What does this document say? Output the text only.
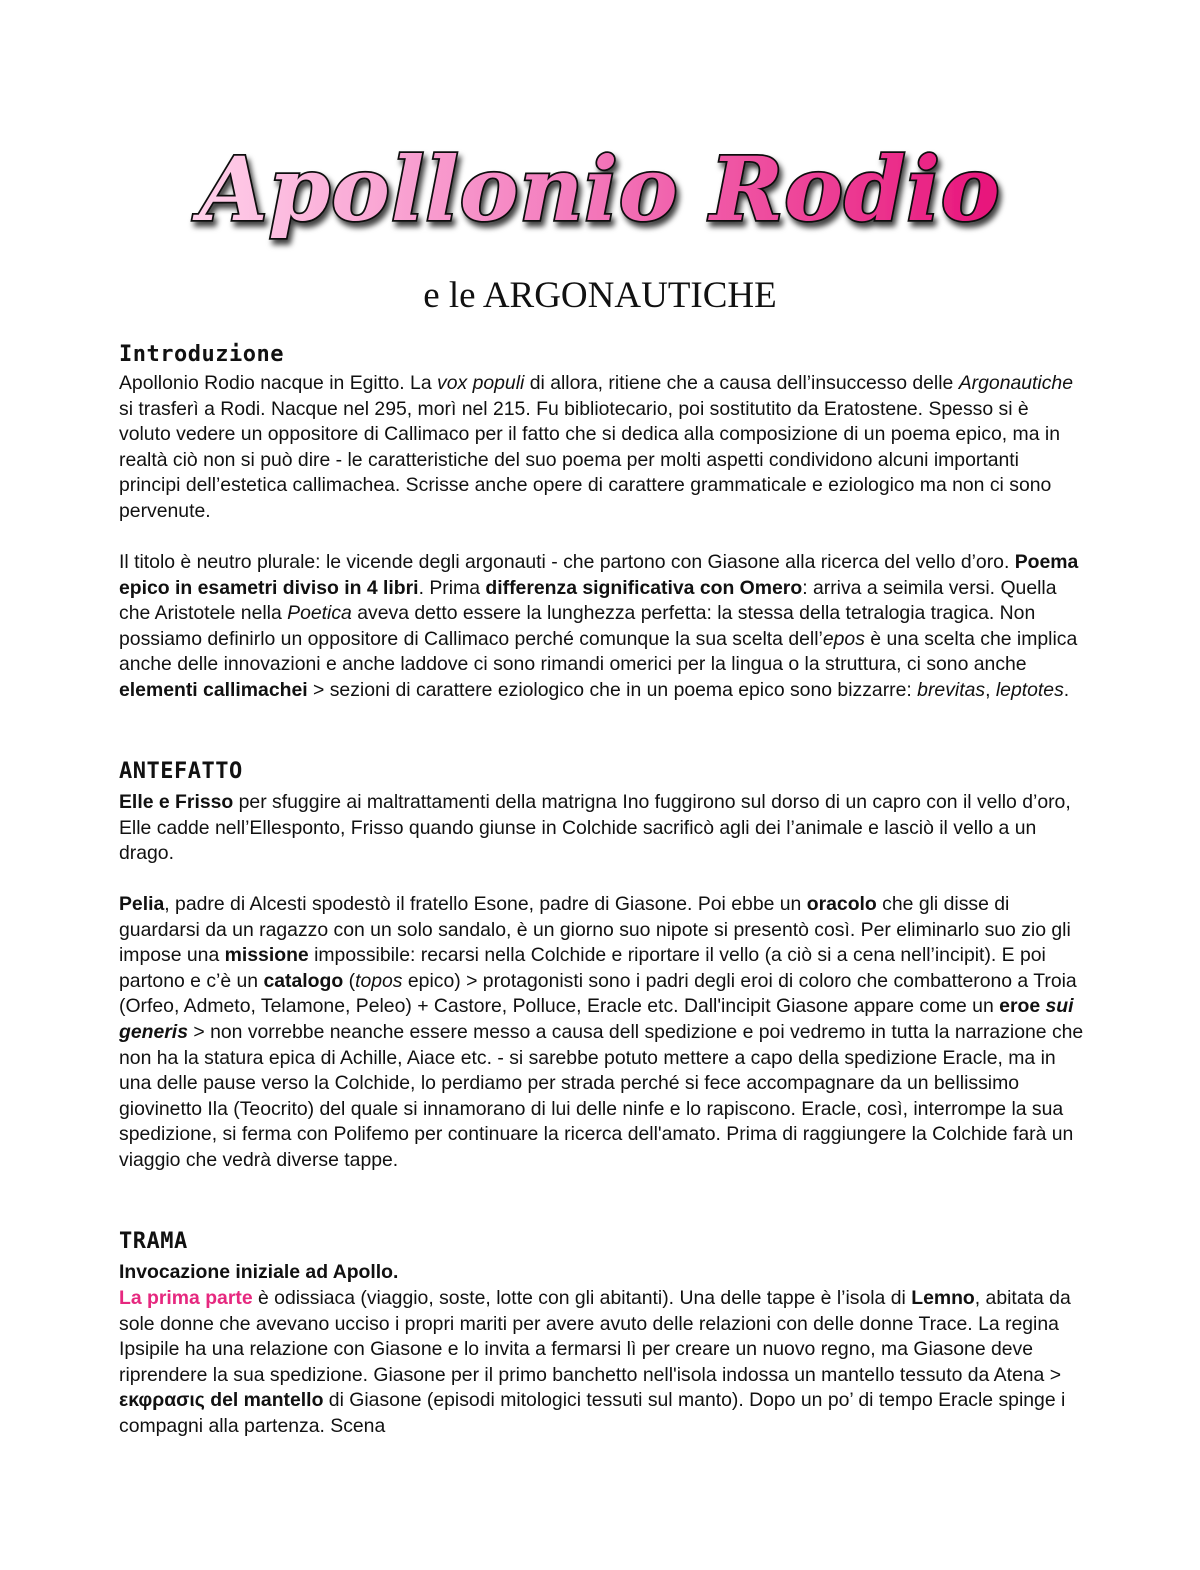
Apollonio Rodio
e le ARGONAUTICHE
Introduzione

Apollonio Rodio nacque in Egitto. La vox populi di allora, ritiene che a causa dell’insuccesso delle Argonautiche si trasferì a Rodi. Nacque nel 295, morì nel 215. Fu bibliotecario, poi sostitutito da Eratostene. Spesso si è voluto vedere un oppositore di Callimaco per il fatto che si dedica alla composizione di un poema epico, ma in realtà ciò non si può dire - le caratteristiche del suo poema per molti aspetti condividono alcuni importanti principi dell’estetica callimachea. Scrisse anche opere di carattere grammaticale e eziologico ma non ci sono pervenute.

Il titolo è neutro plurale: le vicende degli argonauti - che partono con Giasone alla ricerca del vello d’oro. Poema epico in esametri diviso in 4 libri. Prima differenza significativa con Omero: arriva a seimila versi. Quella che Aristotele nella Poetica aveva detto essere la lunghezza perfetta: la stessa della tetralogia tragica. Non possiamo definirlo un oppositore di Callimaco perché comunque la sua scelta dell’epos è una scelta che implica anche delle innovazioni e anche laddove ci sono rimandi omerici per la lingua o la struttura, ci sono anche elementi callimachei > sezioni di carattere eziologico che in un poema epico sono bizzarre: brevitas, leptotes.

ANTEFATTO

Elle e Frisso per sfuggire ai maltrattamenti della matrigna Ino fuggirono sul dorso di un capro con il vello d’oro, Elle cadde nell’Ellesponto, Frisso quando giunse in Colchide sacrificò agli dei l’animale e lasciò il vello a un drago.

Pelia, padre di Alcesti spodestò il fratello Esone, padre di Giasone. Poi ebbe un oracolo che gli disse di guardarsi da un ragazzo con un solo sandalo, è un giorno suo nipote si presentò così. Per eliminarlo suo zio gli impose una missione impossibile: recarsi nella Colchide e riportare il vello (a ciò si a cena nell’incipit). E poi partono e c’è un catalogo (topos epico) > protagonisti sono i padri degli eroi di coloro che combatterono a Troia (Orfeo, Admeto, Telamone, Peleo) + Castore, Polluce, Eracle etc. Dall'incipit Giasone appare come un eroe sui generis > non vorrebbe neanche essere messo a causa dell spedizione e poi vedremo in tutta la narrazione che non ha la statura epica di Achille, Aiace etc. - si sarebbe potuto mettere a capo della spedizione Eracle, ma in una delle pause verso la Colchide, lo perdiamo per strada perché si fece accompagnare da un bellissimo giovinetto Ila (Teocrito) del quale si innamorano di lui delle ninfe e lo rapiscono. Eracle, così, interrompe la sua spedizione, si ferma con Polifemo per continuare la ricerca dell'amato. Prima di raggiungere la Colchide farà un viaggio che vedrà diverse tappe.

TRAMA
Invocazione iniziale ad Apollo.

La prima parte è odissiaca (viaggio, soste, lotte con gli abitanti). Una delle tappe è l’isola di Lemno, abitata da sole donne che avevano ucciso i propri mariti per avere avuto delle relazioni con delle donne Trace. La regina Ipsipile ha una relazione con Giasone e lo invita a fermarsi lì per creare un nuovo regno, ma Giasone deve riprendere la sua spedizione. Giasone per il primo banchetto nell'isola indossa un mantello tessuto da Atena > εκφρασις del mantello di Giasone (episodi mitologici tessuti sul manto). Dopo un po’ di tempo Eracle spinge i compagni alla partenza. Scena
